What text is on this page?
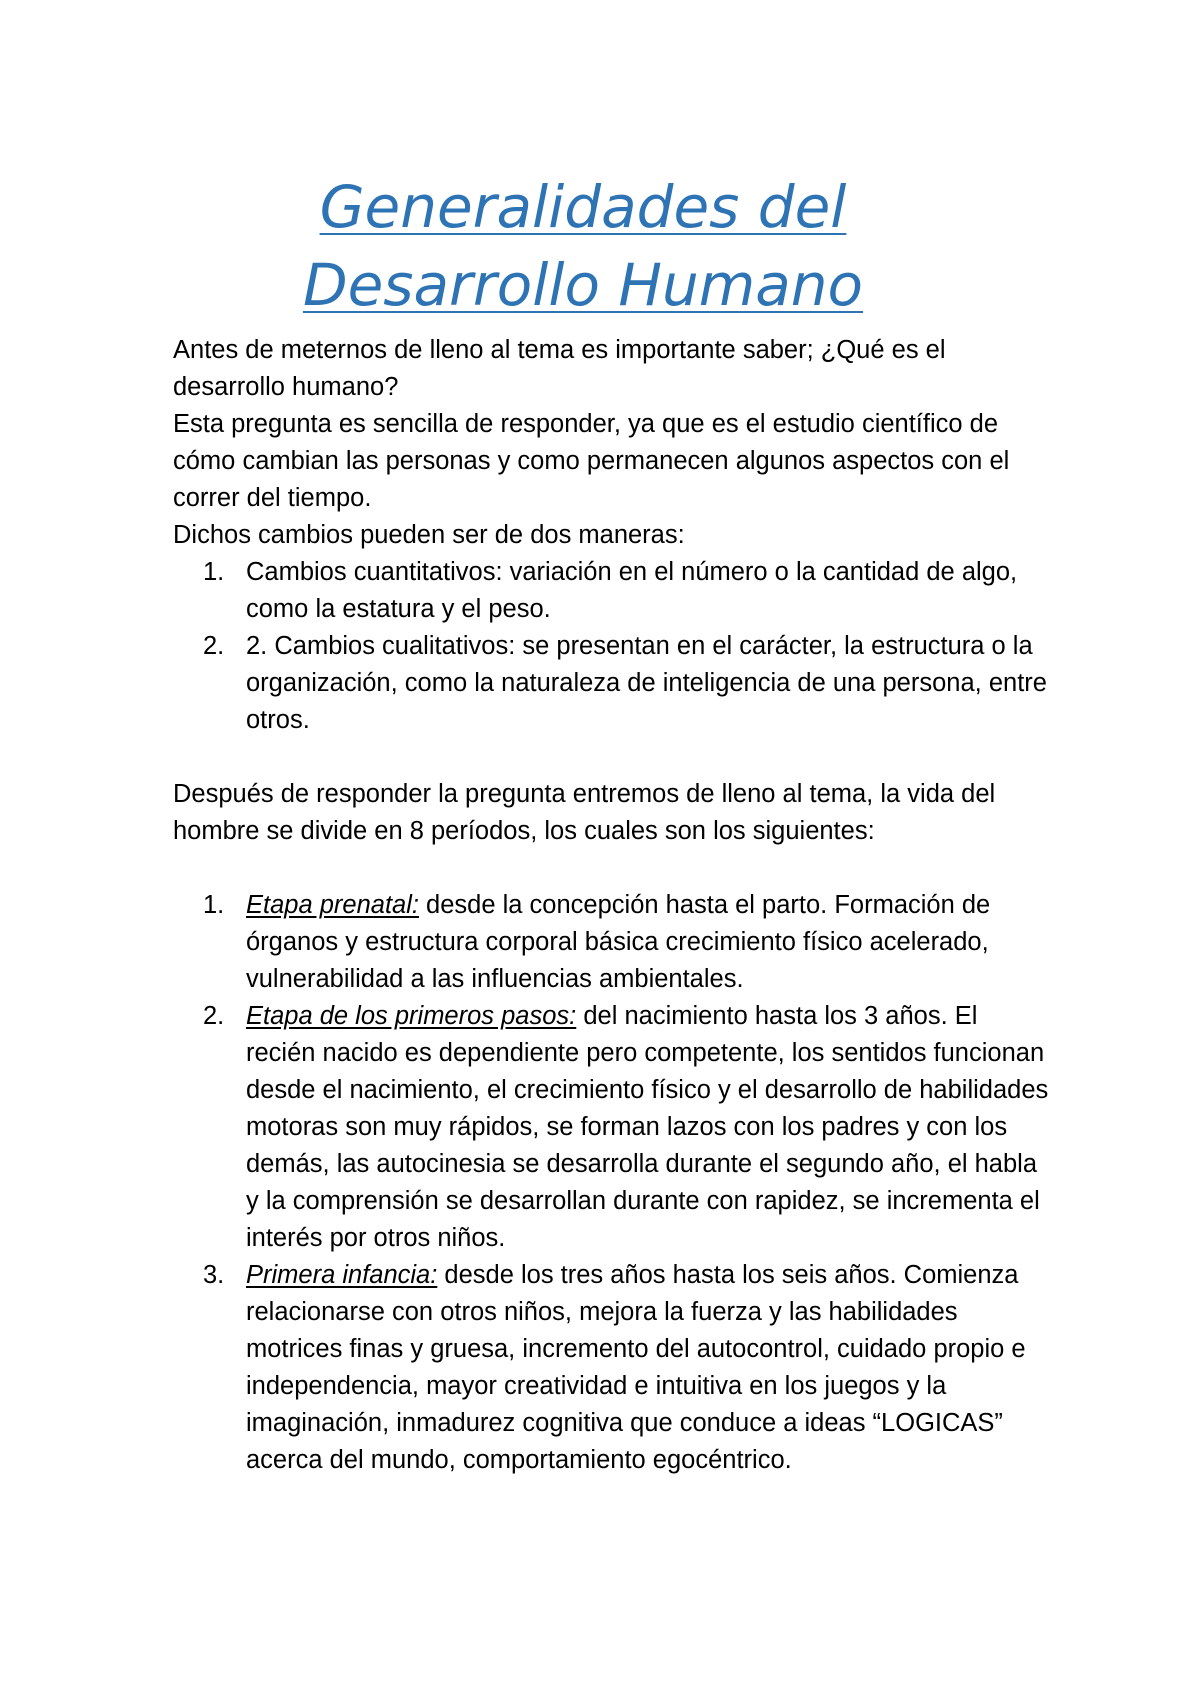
Generalidades del
Desarrollo Humano

Antes de meternos de lleno al tema es importante saber; ¿Qué es el desarrollo humano?

Esta pregunta es sencilla de responder, ya que es el estudio científico de cómo cambian las personas y como permanecen algunos aspectos con el correr del tiempo.

Dichos cambios pueden ser de dos maneras:

1. Cambios cuantitativos: variación en el número o la cantidad de algo, como la estatura y el peso.
2. 2. Cambios cualitativos: se presentan en el carácter, la estructura o la organización, como la naturaleza de inteligencia de una persona, entre otros.

Después de responder la pregunta entremos de lleno al tema, la vida del hombre se divide en 8 períodos, los cuales son los siguientes:

1. Etapa prenatal: desde la concepción hasta el parto. Formación de órganos y estructura corporal básica crecimiento físico acelerado, vulnerabilidad a las influencias ambientales.
2. Etapa de los primeros pasos: del nacimiento hasta los 3 años. El recién nacido es dependiente pero competente, los sentidos funcionan desde el nacimiento, el crecimiento físico y el desarrollo de habilidades motoras son muy rápidos, se forman lazos con los padres y con los demás, las autocinesia se desarrolla durante el segundo año, el habla y la comprensión se desarrollan durante con rapidez, se incrementa el interés por otros niños.
3. Primera infancia: desde los tres años hasta los seis años. Comienza relacionarse con otros niños, mejora la fuerza y las habilidades motrices finas y gruesa, incremento del autocontrol, cuidado propio e independencia, mayor creatividad e intuitiva en los juegos y la imaginación, inmadurez cognitiva que conduce a ideas “LOGICAS” acerca del mundo, comportamiento egocéntrico.
